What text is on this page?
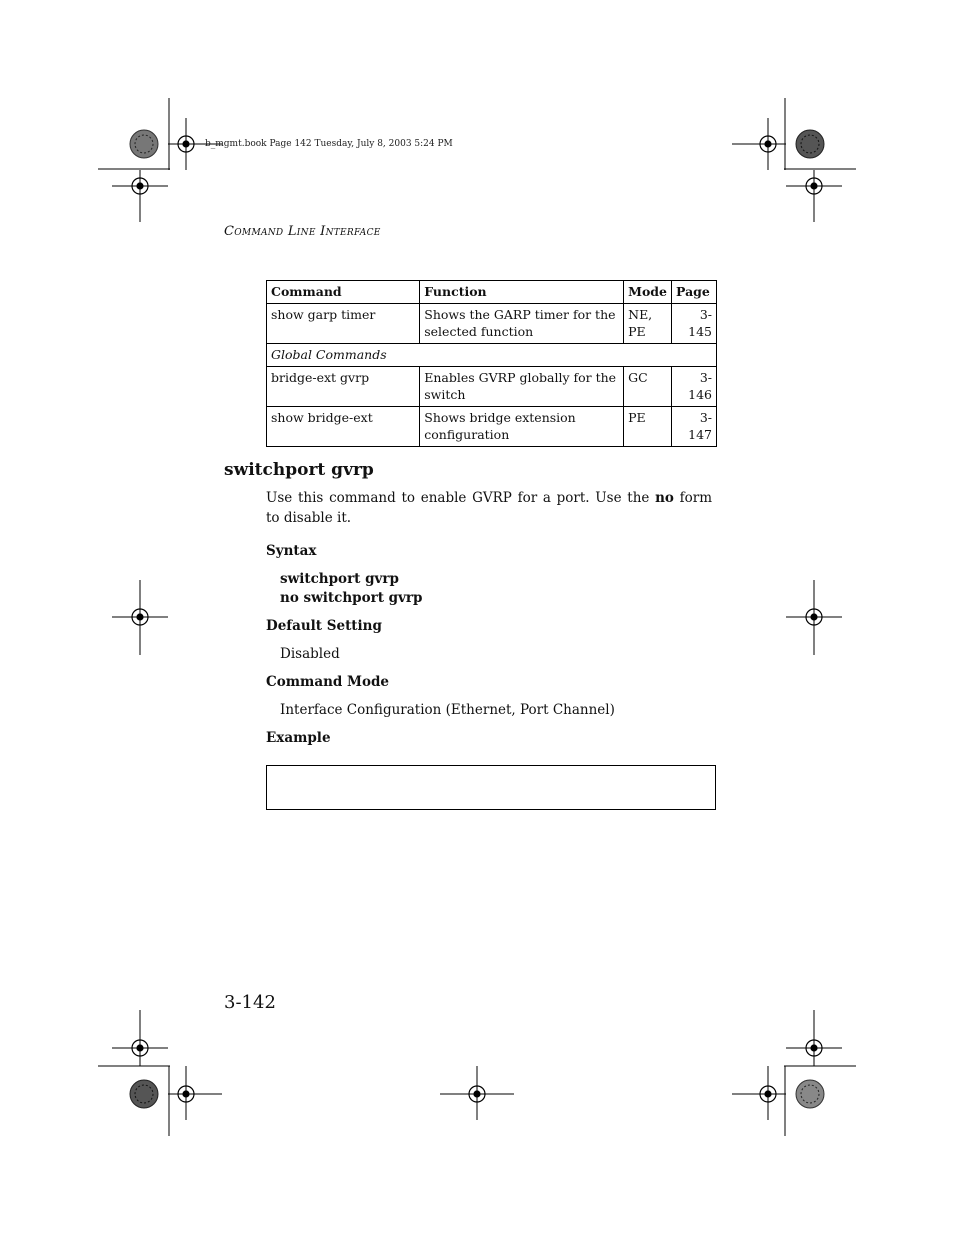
b_mgmt.book Page 142 Tuesday, July 8, 2003 5:24 PM
Command Line Interface
Command	Function	Mode	Page
show garp timer	Shows the GARP timer for the selected function	NE, PE	3-145
Global Commands			
bridge-ext gvrp	Enables GVRP globally for the switch	GC	3-146
show bridge-ext	Shows bridge extension configuration	PE	3-147
switchport gvrp
Use this command to enable GVRP for a port. Use the no form to disable it.
Syntax
switchport gvrp
no switchport gvrp
Default Setting
Disabled
Command Mode
Interface Configuration (Ethernet, Port Channel)
Example
3-142
